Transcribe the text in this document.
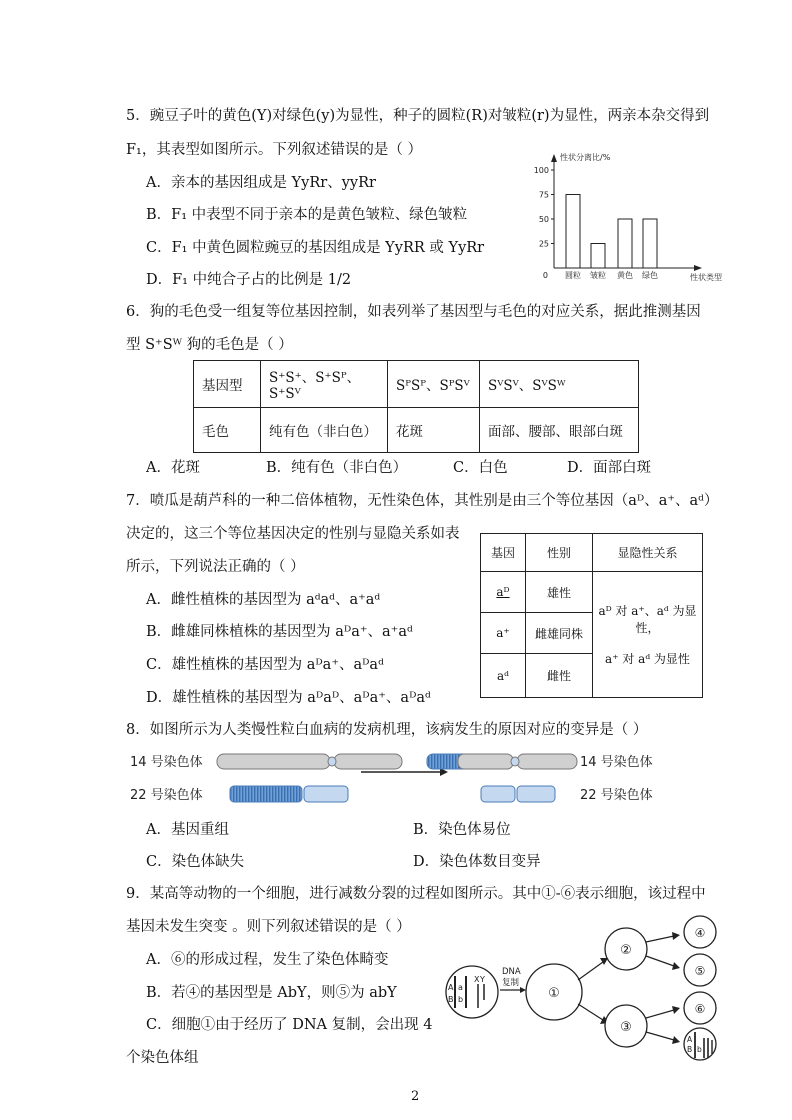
5．豌豆子叶的黄色(Y)对绿色(y)为显性，种子的圆粒(R)对皱粒(r)为显性，两亲本杂交得到
F₁，其表型如图所示。下列叙述错误的是（ ）
A．亲本的基因组成是 YyRr、yyRr
B．F₁ 中表型不同于亲本的是黄色皱粒、绿色皱粒
C．F₁ 中黄色圆粒豌豆的基因组成是 YyRR 或 YyRr
D．F₁ 中纯合子占的比例是 1/2
性状分离比/%
性状类型
0
25
50
75
100
圆粒 皱粒 黄色 绿色
6．狗的毛色受一组复等位基因控制，如表列举了基因型与毛色的对应关系，据此推测基因
型 S⁺Sᵂ 狗的毛色是（ ）
基因型	S⁺S⁺、S⁺Sᴾ、S⁺Sⱽ	SᴾSᴾ、SᴾSⱽ	SⱽSⱽ、SⱽSᵂ
毛色	纯有色（非白色）	花斑	面部、腰部、眼部白斑
A．花斑	B．纯有色（非白色）	C．白色	D．面部白斑
7．喷瓜是葫芦科的一种二倍体植物，无性染色体，其性别是由三个等位基因（aᴰ、a⁺、aᵈ）
决定的，这三个等位基因决定的性别与显隐关系如表
所示，下列说法正确的（ ）
A．雌性植株的基因型为 aᵈaᵈ、a⁺aᵈ
B．雌雄同株植株的基因型为 aᴰa⁺、a⁺aᵈ
C．雄性植株的基因型为 aᴰa⁺、aᴰaᵈ
D．雄性植株的基因型为 aᴰaᴰ、aᴰa⁺、aᴰaᵈ
基因	性别	显隐性关系
aᴰ	雄性	aᴰ 对 a⁺、aᵈ 为显性，
a⁺ 对 aᵈ 为显性

a⁺	雌雄同株	
aᵈ	雌性	
8．如图所示为人类慢性粒白血病的发病机理，该病发生的原因对应的变异是（ ）
14 号染色体
22 号染色体
14 号染色体
22 号染色体
A．基因重组	B．染色体易位
C．染色体缺失	D．染色体数目变异
9．某高等动物的一个细胞，进行减数分裂的过程如图所示。其中①-⑥表示细胞，该过程中
基因未发生突变 。则下列叙述错误的是（ ）
A．⑥的形成过程，发生了染色体畸变
B．若④的基因型是 AbY，则⑤为 abY
C．细胞①由于经历了 DNA 复制，会出现 4
个染色体组
A
B
a
b
X Y
DNA
复制
①
②
③
④
⑤
⑥
A
B b
2
